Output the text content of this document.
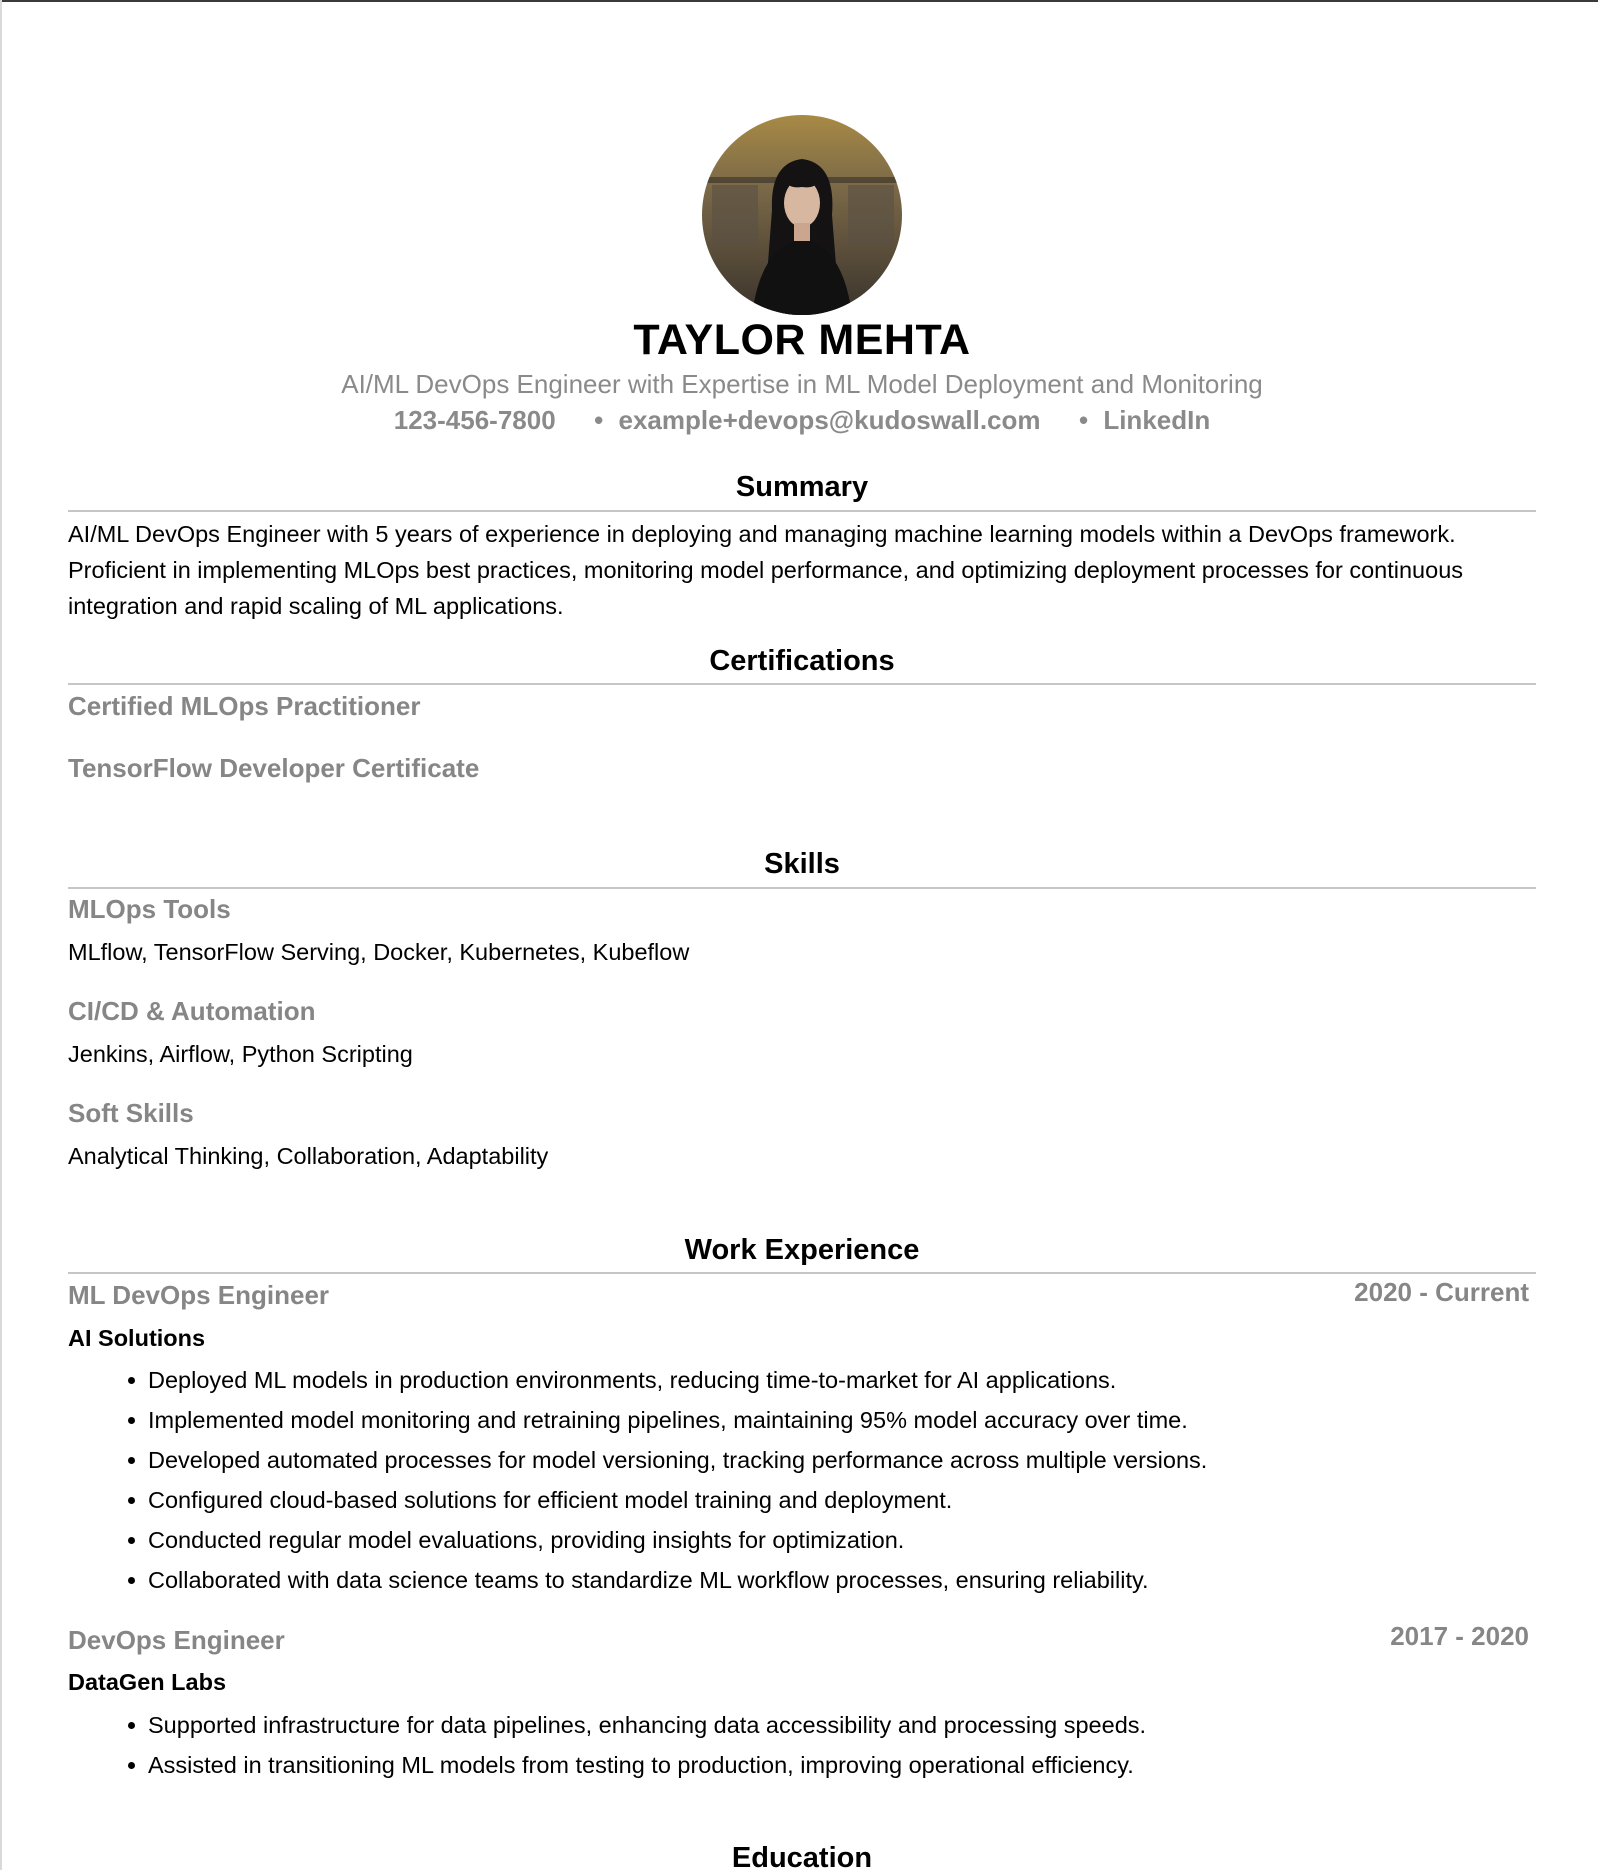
TAYLOR MEHTA
AI/ML DevOps Engineer with Expertise in ML Model Deployment and Monitoring
123-456-7800 • example+devops@kudoswall.com • LinkedIn
Summary
AI/ML DevOps Engineer with 5 years of experience in deploying and managing machine learning models within a DevOps framework.
Proficient in implementing MLOps best practices, monitoring model performance, and optimizing deployment processes for continuous
integration and rapid scaling of ML applications.
Certifications
Certified MLOps Practitioner
TensorFlow Developer Certificate
Skills
MLOps Tools
MLflow, TensorFlow Serving, Docker, Kubernetes, Kubeflow
CI/CD & Automation
Jenkins, Airflow, Python Scripting
Soft Skills
Analytical Thinking, Collaboration, Adaptability
Work Experience
ML DevOps Engineer	2020 - Current
AI Solutions
Deployed ML models in production environments, reducing time-to-market for AI applications.
Implemented model monitoring and retraining pipelines, maintaining 95% model accuracy over time.
Developed automated processes for model versioning, tracking performance across multiple versions.
Configured cloud-based solutions for efficient model training and deployment.
Conducted regular model evaluations, providing insights for optimization.
Collaborated with data science teams to standardize ML workflow processes, ensuring reliability.
DevOps Engineer	2017 - 2020
DataGen Labs
Supported infrastructure for data pipelines, enhancing data accessibility and processing speeds.
Assisted in transitioning ML models from testing to production, improving operational efficiency.
Education
